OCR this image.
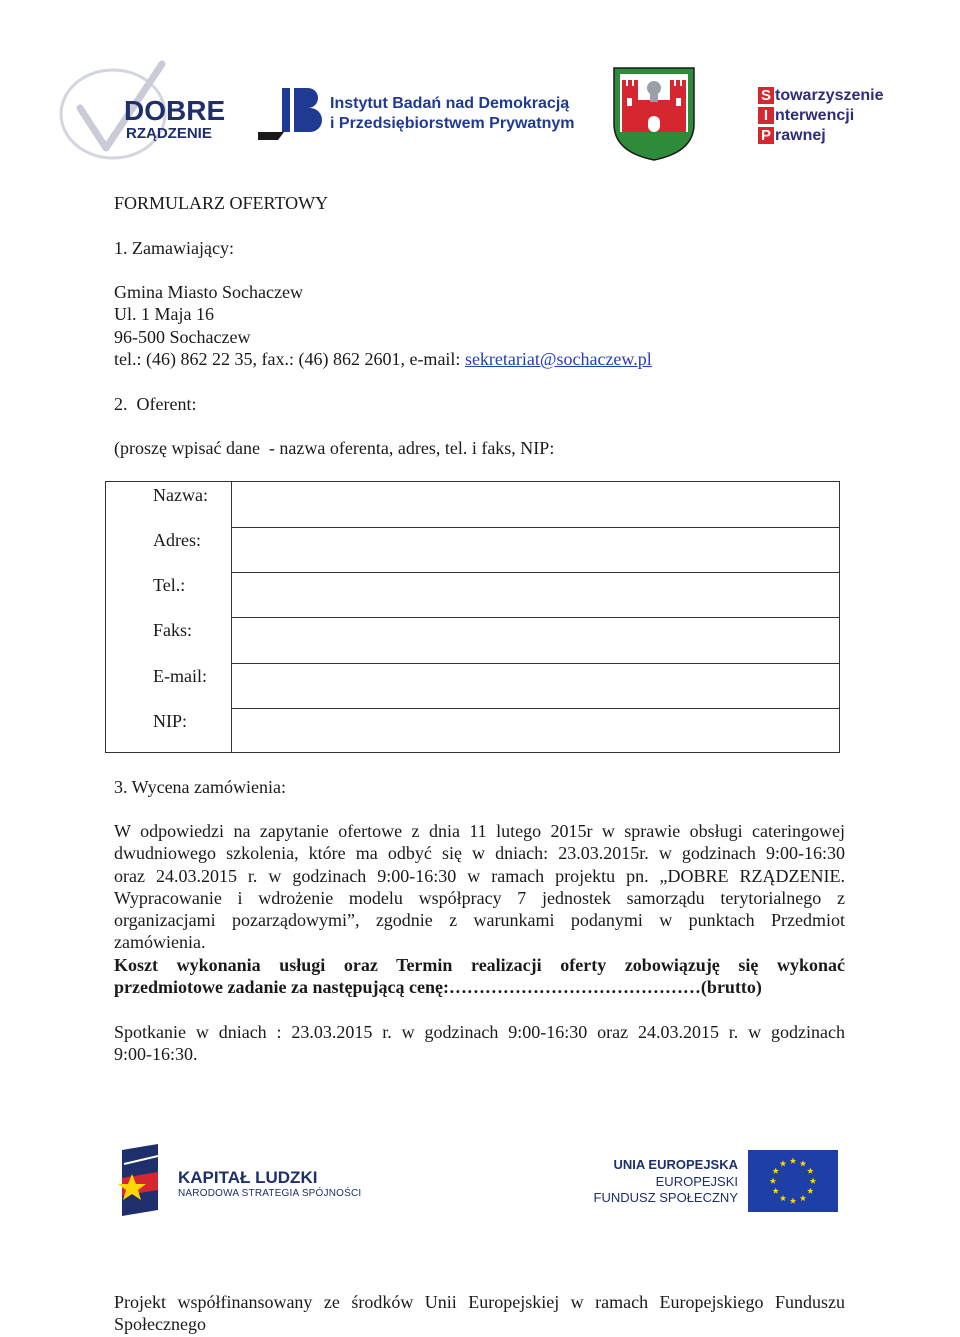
DOBRE
RZĄDZENIE
Instytut Badań nad Demokracją
i Przedsiębiorstwem Prywatnym
S towarzyszenie
I nterwencji
P rawnej
FORMULARZ OFERTOWY
1. Zamawiający:
Gmina Miasto Sochaczew
Ul. 1 Maja 16
96-500 Sochaczew
tel.: (46) 862 22 35, fax.: (46) 862 2601, e-mail: sekretariat@sochaczew.pl
2.  Oferent:
(proszę wpisać dane  - nazwa oferenta, adres, tel. i faks, NIP:
Nazwa:
Adres:
Tel.:
Faks:
E-mail:
NIP:
3. Wycena zamówienia:
W odpowiedzi na zapytanie ofertowe z dnia 11 lutego 2015r w sprawie obsługi cateringowej
dwudniowego szkolenia, które ma odbyć się w dniach: 23.03.2015r. w godzinach 9:00-16:30
oraz 24.03.2015 r. w godzinach 9:00-16:30 w ramach projektu pn. „DOBRE RZĄDZENIE.
Wypracowanie i wdrożenie modelu współpracy 7 jednostek samorządu terytorialnego z
organizacjami pozarządowymi”, zgodnie z warunkami podanymi w punktach Przedmiot
zamówienia.
Koszt wykonania usługi oraz Termin realizacji oferty zobowiązuję się wykonać
przedmiotowe zadanie za następującą cenę:……………………………………(brutto)
Spotkanie w dniach : 23.03.2015 r. w godzinach 9:00-16:30 oraz 24.03.2015 r. w godzinach
9:00-16:30.
KAPITAŁ LUDZKI
NARODOWA STRATEGIA SPÓJNOŚCI
UNIA EUROPEJSKA
EUROPEJSKI
FUNDUSZ SPOŁECZNY
Projekt współfinansowany ze środków Unii Europejskiej w ramach Europejskiego Funduszu
Społecznego
